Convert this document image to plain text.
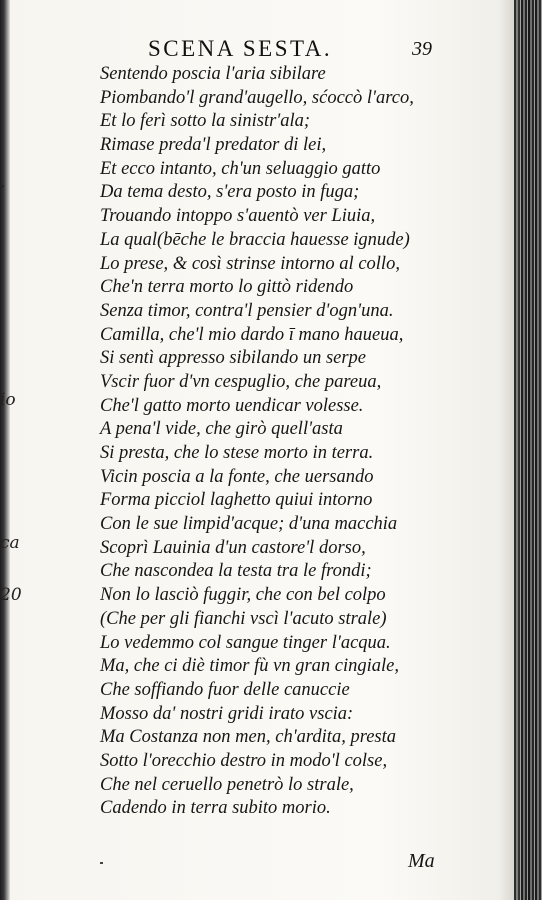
,
io
ca
20
SCENA SESTA.	39
Sentendo poscia l'aria sibilare
Piombando'l grand'augello, sćoccò l'arco,
Et lo ferì sotto la sinistr'ala;
Rimase preda'l predator di lei,
Et ecco intanto, ch'un seluaggio gatto
Da tema desto, s'era posto in fuga;
Trouando intoppo s'auentò ver Liuia,
La qual(bēche le braccia hauesse ignude)
Lo prese, & così strinse intorno al collo,
Che'n terra morto lo gittò ridendo
Senza timor, contra'l pensier d'ogn'una.
Camilla, che'l mio dardo ī mano haueua,
Si sentì appresso sibilando un serpe
Vscir fuor d'vn cespuglio, che pareua,
Che'l gatto morto uendicar volesse.
A pena'l vide, che girò quell'asta
Si presta, che lo stese morto in terra.
Vicin poscia a la fonte, che uersando
Forma picciol laghetto quiui intorno
Con le sue limpid'acque; d'una macchia
Scoprì Lauinia d'un castore'l dorso,
Che nascondea la testa tra le frondi;
Non lo lasciò fuggir, che con bel colpo
(Che per gli fianchi vscì l'acuto strale)
Lo vedemmo col sangue tinger l'acqua.
Ma, che ci diè timor fù vn gran cingiale,
Che soffiando fuor delle canuccie
Mosso da' nostri gridi irato vscia:
Ma Costanza non men, ch'ardita, presta
Sotto l'orecchio destro in modo'l colse,
Che nel ceruello penetrò lo strale,
Cadendo in terra subito morio.
Ma
